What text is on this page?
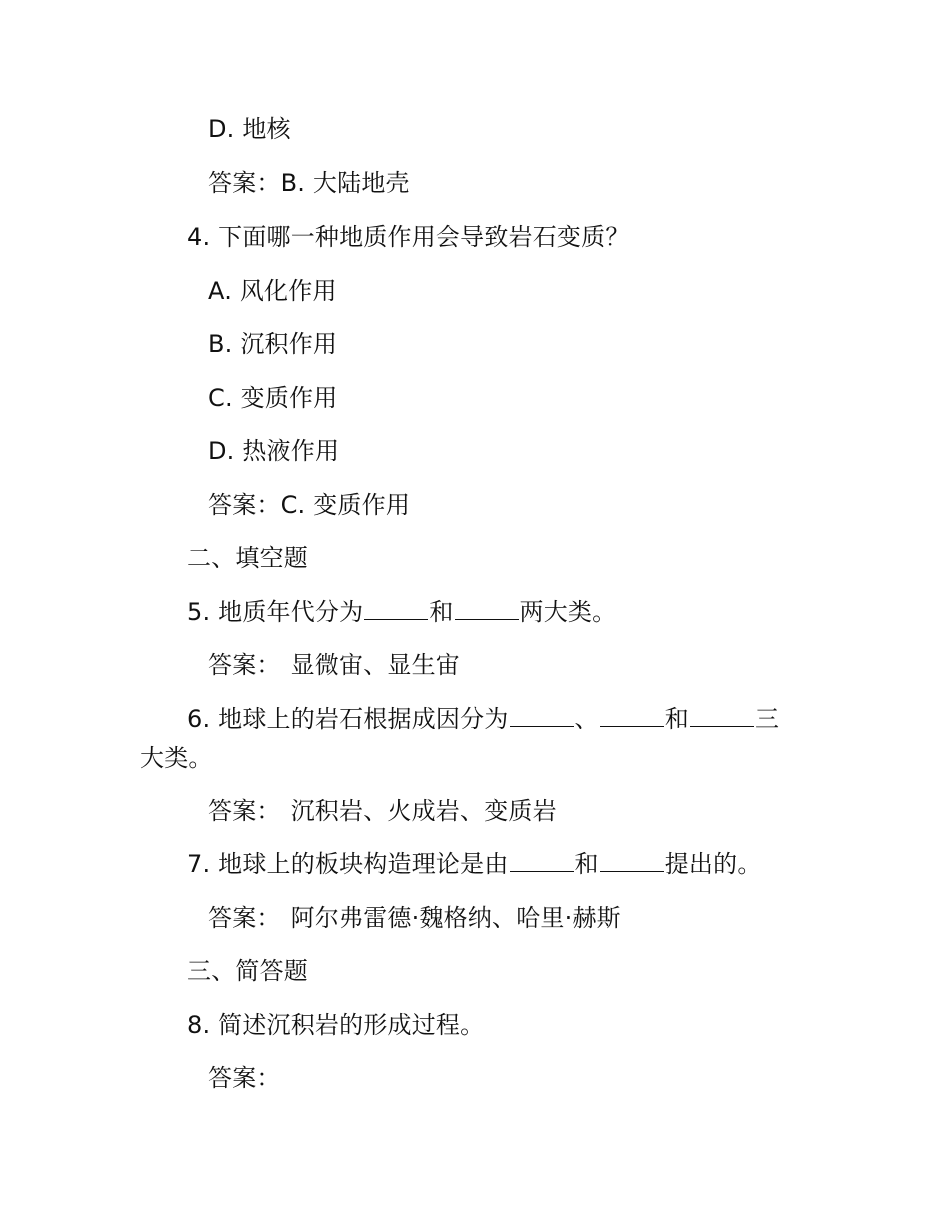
D. 地核
答案：B. 大陆地壳
4. 下面哪一种地质作用会导致岩石变质？
A. 风化作用
B. 沉积作用
C. 变质作用
D. 热液作用
答案：C. 变质作用
二、填空题
5. 地质年代分为	和	两大类。
答案： 显微宙、显生宙
6. 地球上的岩石根据成因分为	、	和	三
大类。
答案： 沉积岩、火成岩、变质岩
7. 地球上的板块构造理论是由	和	提出的。
答案： 阿尔弗雷德·魏格纳、哈里·赫斯
三、简答题
8. 简述沉积岩的形成过程。
答案：
